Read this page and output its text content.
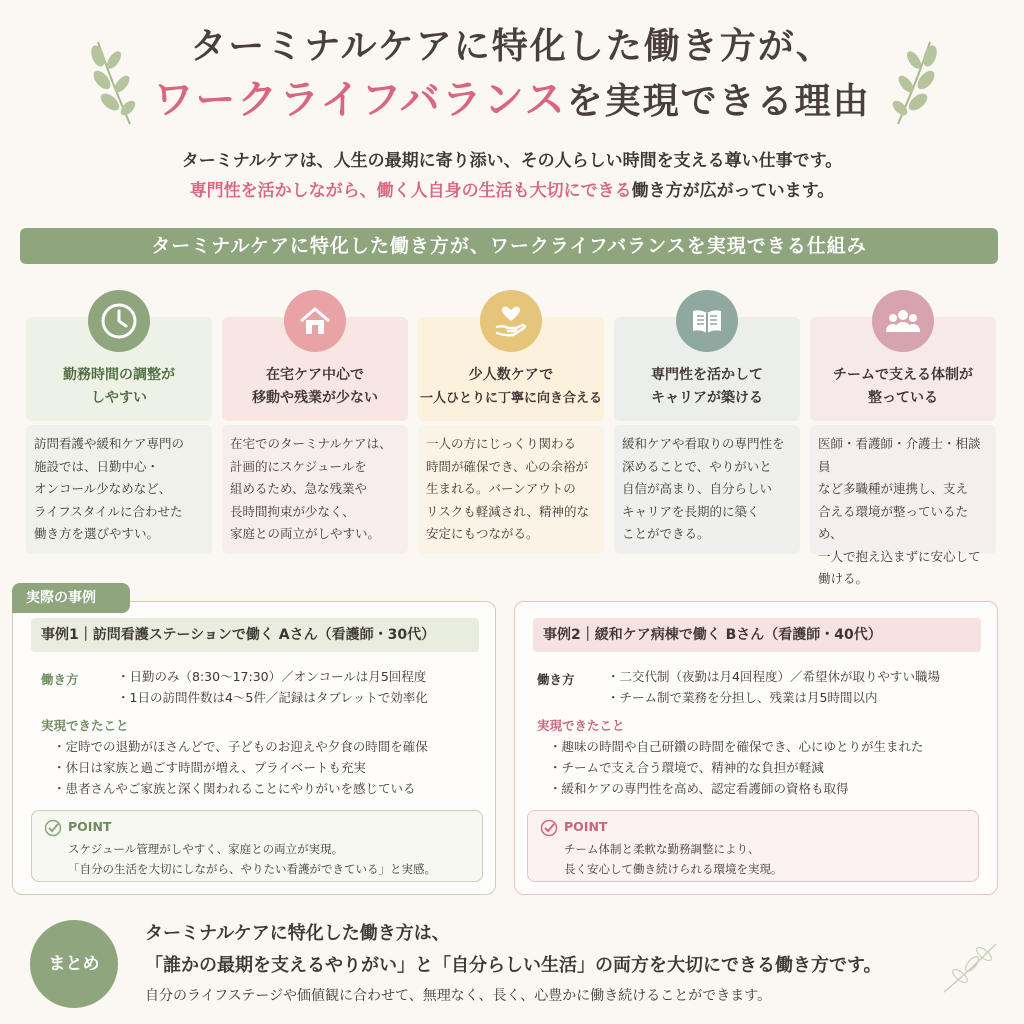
ターミナルケアに特化した働き方が、
ワークライフバランスを実現できる理由
ターミナルケアは、人生の最期に寄り添い、その人らしい時間を支える尊い仕事です。
専門性を活かしながら、働く人自身の生活も大切にできる働き方が広がっています。
ターミナルケアに特化した働き方が、ワークライフバランスを実現できる仕組み
勤務時間の調整が
しやすい
訪問看護や緩和ケア専門の
施設では、日勤中心・
オンコール少なめなど、
ライフスタイルに合わせた
働き方を選びやすい。
在宅ケア中心で
移動や残業が少ない
在宅でのターミナルケアは、
計画的にスケジュールを
組めるため、急な残業や
長時間拘束が少なく、
家庭との両立がしやすい。
少人数ケアで
一人ひとりに丁寧に向き合える
一人の方にじっくり関わる
時間が確保でき、心の余裕が
生まれる。バーンアウトの
リスクも軽減され、精神的な
安定にもつながる。
専門性を活かして
キャリアが築ける
緩和ケアや看取りの専門性を
深めることで、やりがいと
自信が高まり、自分らしい
キャリアを長期的に築く
ことができる。
チームで支える体制が
整っている
医師・看護師・介護士・相談員
など多職種が連携し、支え
合える環境が整っているため、
一人で抱え込まずに安心して
働ける。
事例1｜訪問看護ステーションで働く Aさん（看護師・30代）
働き方	・日勤のみ（8:30〜17:30）／オンコールは月5回程度
・1日の訪問件数は4〜5件／記録はタブレットで効率化
実現できたこと
・定時での退勤がほさんどで、子どものお迎えや夕食の時間を確保
・休日は家族と過ごす時間が増え、プライベートも充実
・患者さんやご家族と深く関われることにやりがいを感じている
POINT
スケジュール管理がしやすく、家庭との両立が実現。
「自分の生活を大切にしながら、やりたい看護ができている」と実感。
実際の事例
事例2｜緩和ケア病棟で働く Bさん（看護師・40代）
働き方	・二交代制（夜勤は月4回程度）／希望休が取りやすい職場
・チーム制で業務を分担し、残業は月5時間以内
実現できたこと
・趣味の時間や自己研鑽の時間を確保でき、心にゆとりが生まれた
・チームで支え合う環境で、精神的な負担が軽減
・緩和ケアの専門性を高め、認定看護師の資格も取得
POINT
チーム体制と柔軟な勤務調整により、
長く安心して働き続けられる環境を実現。
まとめ
ターミナルケアに特化した働き方は、
「誰かの最期を支えるやりがい」と「自分らしい生活」の両方を大切にできる働き方です。
自分のライフステージや価値観に合わせて、無理なく、長く、心豊かに働き続けることができます。
